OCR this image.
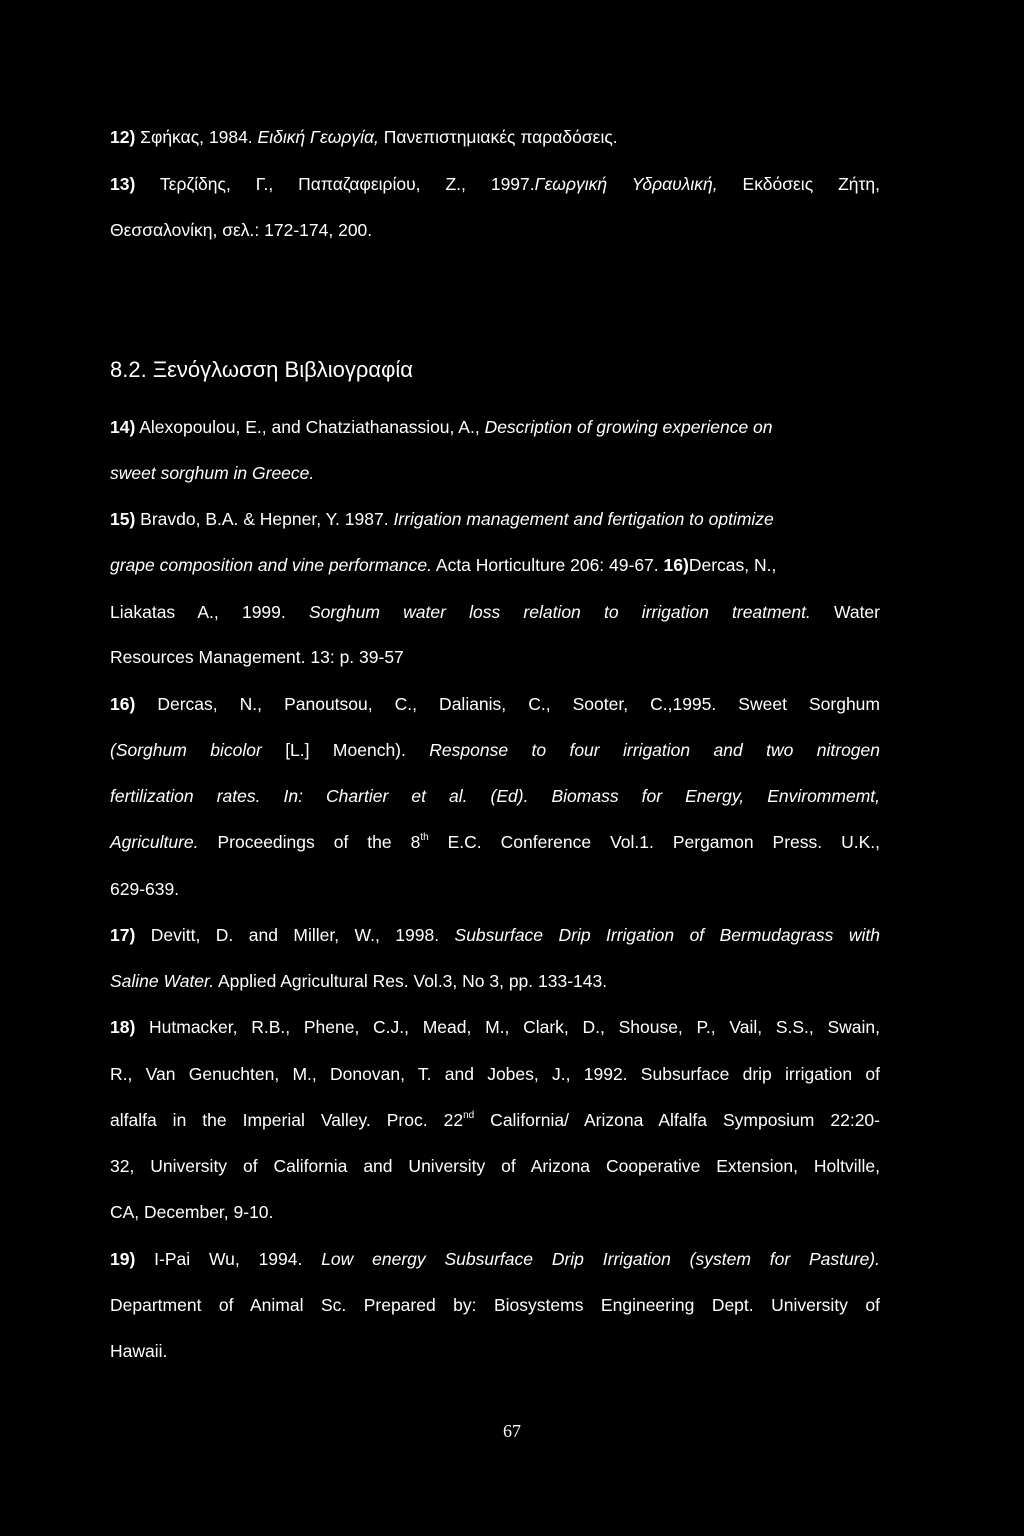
12) Σφήκας, 1984. Ειδική Γεωργία, Πανεπιστημιακές παραδόσεις.
13) Τερζίδης, Γ., Παπαζαφειρίου, Ζ., 1997.Γεωργική Υδραυλική, Εκδόσεις Ζήτη,
Θεσσαλονίκη, σελ.: 172-174, 200.
8.2. Ξενόγλωσση Βιβλιογραφία
14) Alexopoulou, E., and Chatziathanassiou, A., Description of growing experience on
sweet sorghum in Greece.
15) Bravdo, B.A. & Hepner, Y. 1987. Irrigation management and fertigation to optimize
grape composition and vine performance. Acta Horticulture 206: 49-67. 16)Dercas, N.,
Liakatas A., 1999. Sorghum water loss relation to irrigation treatment. Water
Resources Management. 13: p. 39-57
16) Dercas, N., Panoutsou, C., Dalianis, C., Sooter, C.,1995. Sweet Sorghum
(Sorghum bicolor [L.] Moench). Response to four irrigation and two nitrogen
fertilization rates. In: Chartier et al. (Ed). Biomass for Energy, Envirommemt,
Agriculture. Proceedings of the 8th E.C. Conference Vol.1. Pergamon Press. U.K.,
629-639.
17) Devitt, D. and Miller, W., 1998. Subsurface Drip Irrigation of Bermudagrass with
Saline Water. Applied Agricultural Res. Vol.3, No 3, pp. 133-143.
18) Hutmacker, R.B., Phene, C.J., Mead, M., Clark, D., Shouse, P., Vail, S.S., Swain,
R., Van Genuchten, M., Donovan, T. and Jobes, J., 1992. Subsurface drip irrigation of
alfalfa in the Imperial Valley. Proc. 22nd California/ Arizona Alfalfa Symposium 22:20-
32, University of California and University of Arizona Cooperative Extension, Holtville,
CA, December, 9-10.
19) I-Pai Wu, 1994. Low energy Subsurface Drip Irrigation (system for Pasture).
Department of Animal Sc. Prepared by: Biosystems Engineering Dept. University of
Hawaii.
67
